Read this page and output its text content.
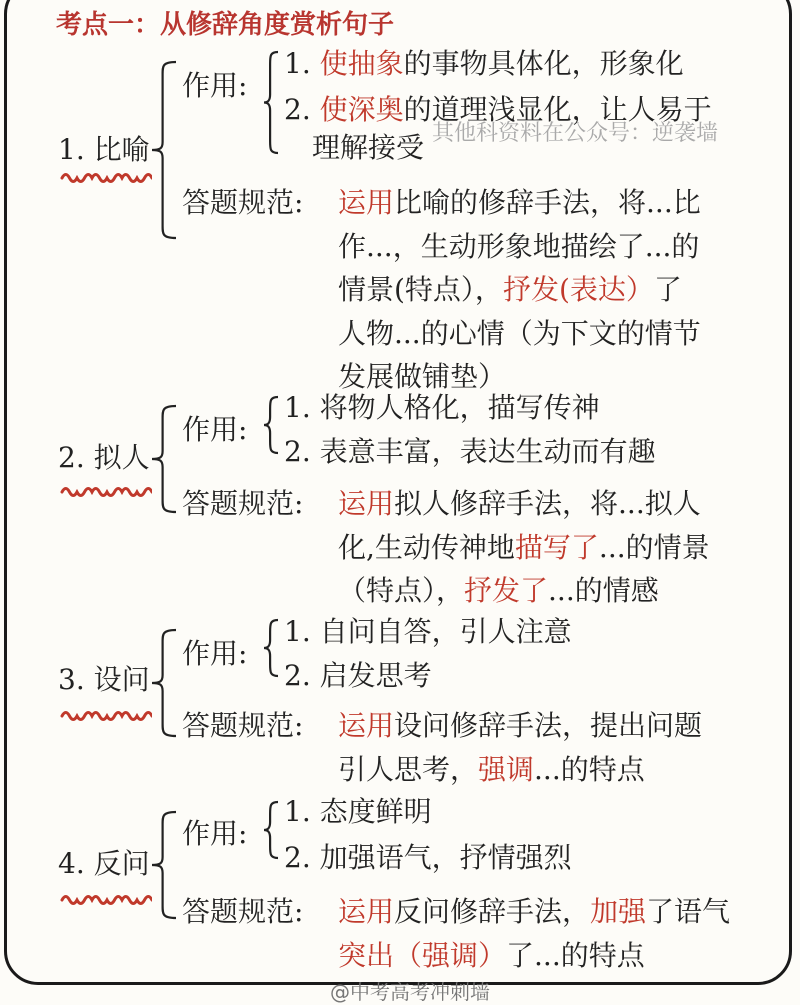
考点一：从修辞角度赏析句子
其他科资料在公众号：逆袭墙
@中考高考冲刺墙
1. 比喻
作用:
1. 使抽象的事物具体化，形象化
2. 使深奥的道理浅显化，让人易于
理解接受
答题规范: 运用比喻的修辞手法，将...比
作...，生动形象地描绘了...的
情景(特点），抒发(表达）了
人物...的心情（为下文的情节
发展做铺垫）
2. 拟人
作用:
1. 将物人格化，描写传神
2. 表意丰富，表达生动而有趣
答题规范: 运用拟人修辞手法，将...拟人
化,生动传神地描写了...的情景
（特点），抒发了...的情感
3. 设问
作用:
1. 自问自答，引人注意
2. 启发思考
答题规范: 运用设问修辞手法，提出问题
引人思考，强调...的特点
4. 反问
作用:
1. 态度鲜明
2. 加强语气，抒情强烈
答题规范: 运用反问修辞手法，加强了语气
突出（强调）了...的特点
